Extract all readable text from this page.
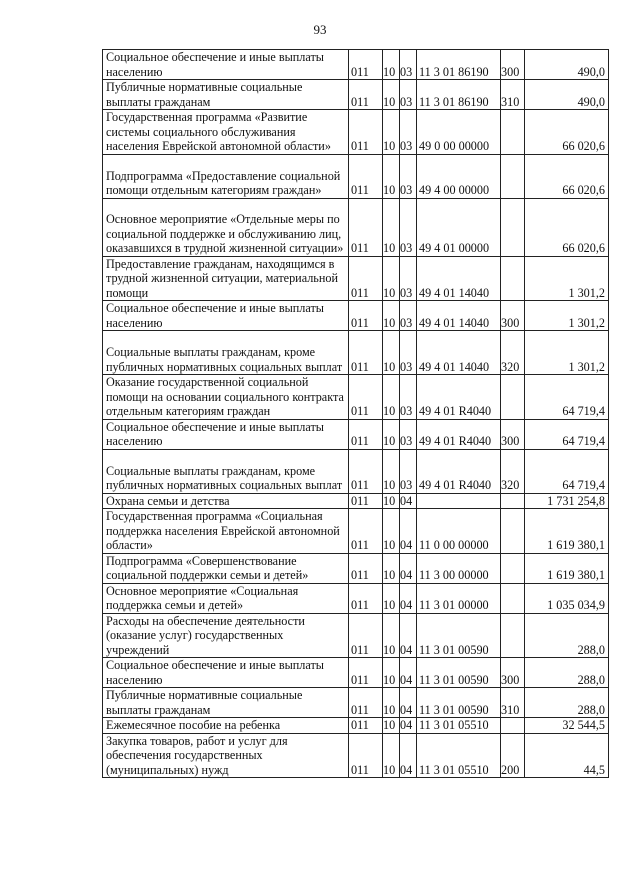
93
Социальное обеспечение и иные выплаты населению	011	10	03	11 3 01 86190	300	490,0
Публичные нормативные социальные выплаты гражданам	011	10	03	11 3 01 86190	310	490,0
Государственная программа «Развитие системы социального обслуживания населения Еврейской автономной области»	011	10	03	49 0 00 00000		66 020,6
Подпрограмма «Предоставление социальной помощи отдельным категориям граждан»	011	10	03	49 4 00 00000		66 020,6
Основное мероприятие «Отдельные меры по социальной поддержке и обслуживанию лиц, оказавшихся в трудной жизненной ситуации»	011	10	03	49 4 01 00000		66 020,6
Предоставление гражданам, находящимся в трудной жизненной ситуации, материальной помощи	011	10	03	49 4 01 14040		1 301,2
Социальное обеспечение и иные выплаты населению	011	10	03	49 4 01 14040	300	1 301,2
Социальные выплаты гражданам, кроме публичных нормативных социальных выплат	011	10	03	49 4 01 14040	320	1 301,2
Оказание государственной социальной помощи на основании социального контракта отдельным категориям граждан	011	10	03	49 4 01 R4040		64 719,4
Социальное обеспечение и иные выплаты населению	011	10	03	49 4 01 R4040	300	64 719,4
Социальные выплаты гражданам, кроме публичных нормативных социальных выплат	011	10	03	49 4 01 R4040	320	64 719,4
Охрана семьи и детства	011	10	04			1 731 254,8
Государственная программа «Социальная поддержка населения Еврейской автономной области»	011	10	04	11 0 00 00000		1 619 380,1
Подпрограмма «Совершенствование социальной поддержки семьи и детей»	011	10	04	11 3 00 00000		1 619 380,1
Основное мероприятие «Социальная поддержка семьи и детей»	011	10	04	11 3 01 00000		1 035 034,9
Расходы на обеспечение деятельности (оказание услуг) государственных учреждений	011	10	04	11 3 01 00590		288,0
Социальное обеспечение и иные выплаты населению	011	10	04	11 3 01 00590	300	288,0
Публичные нормативные социальные выплаты гражданам	011	10	04	11 3 01 00590	310	288,0
Ежемесячное пособие на ребенка	011	10	04	11 3 01 05510		32 544,5
Закупка товаров, работ и услуг для обеспечения государственных (муниципальных) нужд	011	10	04	11 3 01 05510	200	44,5
